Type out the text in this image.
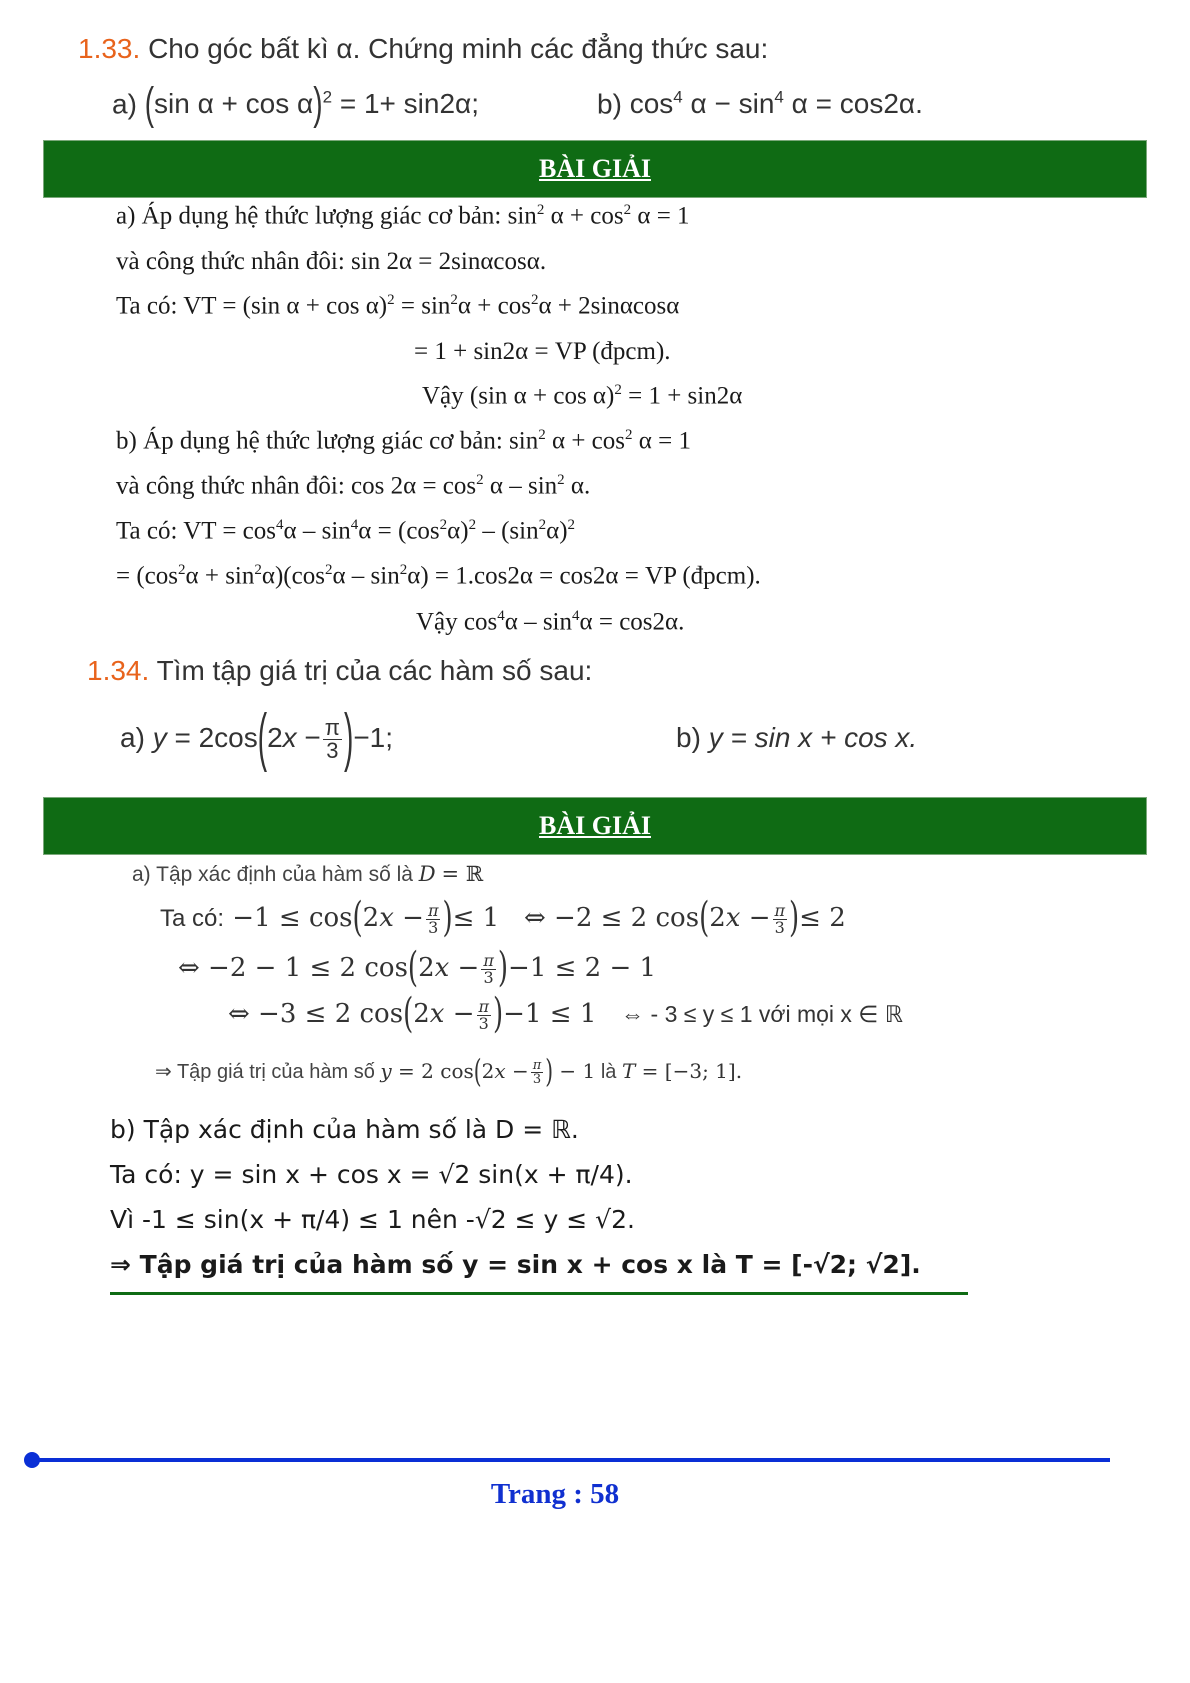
1.33. Cho góc bất kì α. Chứng minh các đẳng thức sau:
a) (sin α + cos α)$^2$ = 1+ sin2α;	b) $\cos^4 \alpha - \sin^4 \alpha = \cos 2\alpha$.
BÀI GIẢI
a) Áp dụng hệ thức lượng giác cơ bản: $\sin^2 \alpha + \cos^2 \alpha = 1$
và công thức nhân đôi: sin 2α = 2sinαcosα.
Ta có: VT = (sin $\alpha + \cos \alpha)^2 = \sin^2\alpha + \cos^2\alpha + 2\sin\alpha\cos\alpha$
= 1 + sin2α = VP (đpcm).
Vậy (sin α + cos α)$^2$ = 1 + sin2α
b) Áp dụng hệ thức lượng giác cơ bản: $\sin^2 \alpha + \cos^2 \alpha = 1$
và công thức nhân đôi: $\cos 2\alpha = \cos^2 \alpha - \sin^2 \alpha$.
Ta có: VT = $\cos^4\alpha - \sin^4\alpha = (\cos^2\alpha)^2 - (\sin^2\alpha)^2$
= $(\cos^2\alpha + \sin^2\alpha)(\cos^2\alpha - \sin^2\alpha) = 1.\cos 2\alpha = \cos 2\alpha$ = VP (đpcm).
Vậy $\cos^4\alpha - \sin^4\alpha = \cos 2\alpha$.
1.34. Tìm tập giá trị của các hàm số sau:
a) $y = 2\cos(2x - \frac{\pi}{3} )-1$;	b) y = sin x + cos x.
BÀI GIẢI
a) Tập xác định của hàm số là D = ℝ
Ta có: $-1 \le \cos(2x - \frac{\pi}{3}$ )≤ 1   ⇔ −2 ≤ 2 $\cos(2x - \frac{\pi}{3}$ )≤ 2
⇔ −2 − 1 ≤ 2 $\cos(2x - \frac{\pi}{3} )-1 \le 2 - 1$
⇔ −3 ≤ 2 $\cos(2x - \frac{\pi}{3} )-1 \le 1$   ⇔ - 3 ≤ y ≤ 1 với mọi x ∈ ℝ
⇒ Tập giá trị của hàm số y = 2 $\cos(2x - \frac{\pi}{3}$ ) − 1 là T = [−3; 1].
b) Tập xác định của hàm số là D = ℝ.
Ta có: y = sin x + cos x = √2 sin(x + π/4).
Vì -1 ≤ sin(x + π/4) ≤ 1 nên -√2 ≤ y ≤ √2.
⇒ Tập giá trị của hàm số y = sin x + cos x là T = [-√2; √2].
Trang : 58
